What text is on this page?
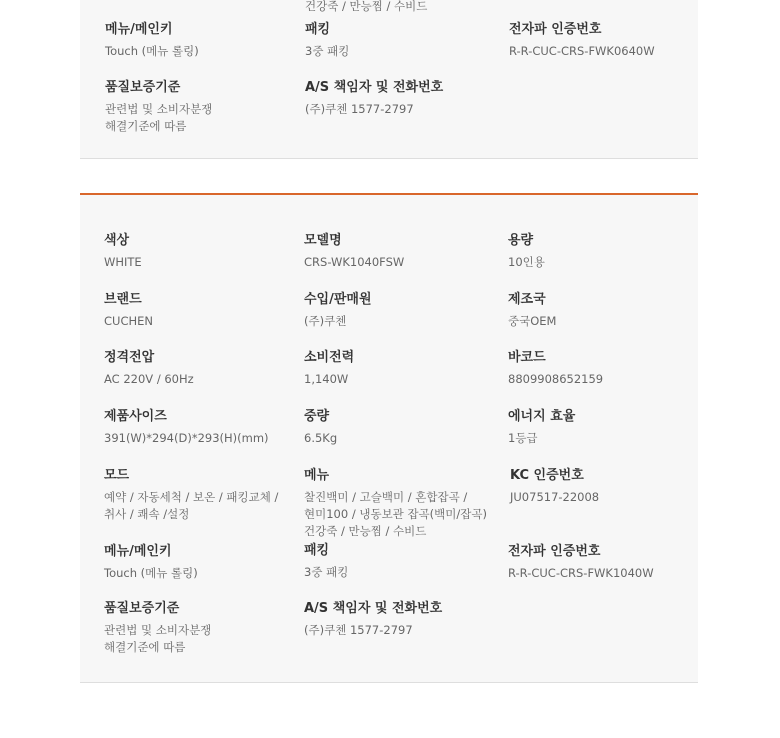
건강죽 / 만능찜 / 수비드
메뉴/메인키
Touch (메뉴 롤링)
패킹
3중 패킹
전자파 인증번호
R-R-CUC-CRS-FWK0640W
품질보증기준
관련법 및 소비자분쟁
해결기준에 따름
A/S 책임자 및 전화번호
(주)쿠첸 1577-2797
색상
WHITE
모델명
CRS-WK1040FSW
용량
10인용
브랜드
CUCHEN
수입/판매원
(주)쿠첸
제조국
중국OEM
정격전압
AC 220V / 60Hz
소비전력
1,140W
바코드
8809908652159
제품사이즈
391(W)*294(D)*293(H)(mm)
중량
6.5Kg
에너지 효율
1등급
모드
예약 / 자동세척 / 보온 / 패킹교체 /
취사 / 쾌속 /설정
메뉴
찰진백미 / 고슬백미 / 혼합잡곡 /
현미100 / 냉동보관 잡곡(백미/잡곡)
건강죽 / 만능찜 / 수비드
KC 인증번호
JU07517-22008
메뉴/메인키
Touch (메뉴 롤링)
패킹
3중 패킹
전자파 인증번호
R-R-CUC-CRS-FWK1040W
품질보증기준
관련법 및 소비자분쟁
해결기준에 따름
A/S 책임자 및 전화번호
(주)쿠첸 1577-2797
